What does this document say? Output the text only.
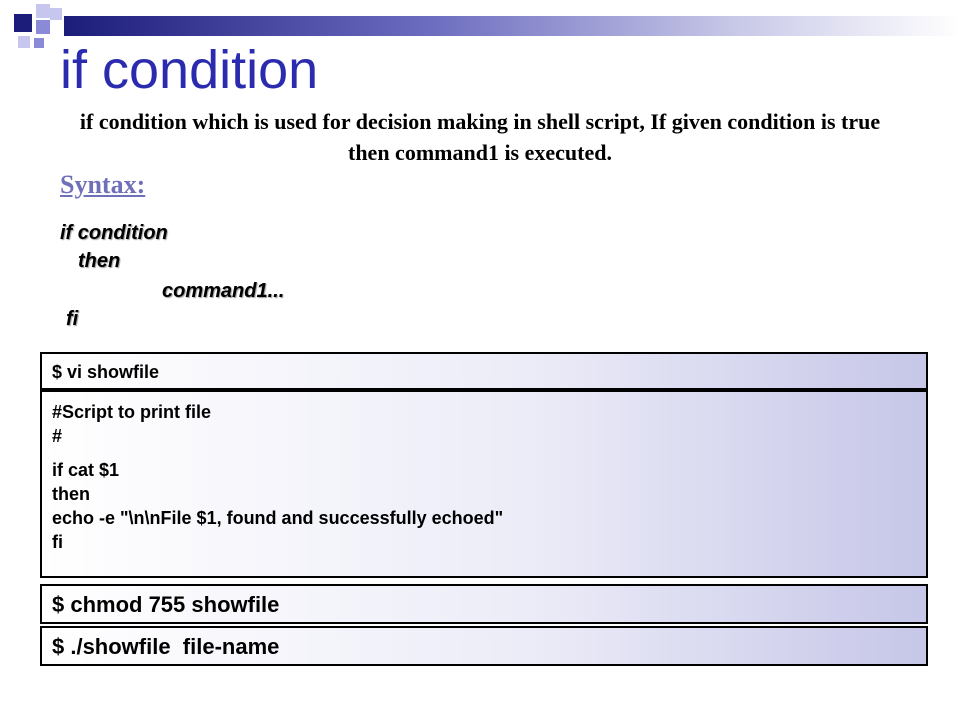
if condition

if condition which is used for decision making in shell script, If given condition is true then command1 is executed.

Syntax:
if condition
then
command1...
fi
$ vi showfile
#Script to print file
#
if cat $1
then
echo -e "\n\nFile $1, found and successfully echoed"
fi
$ chmod 755 showfile
$ ./showfile  file-name
